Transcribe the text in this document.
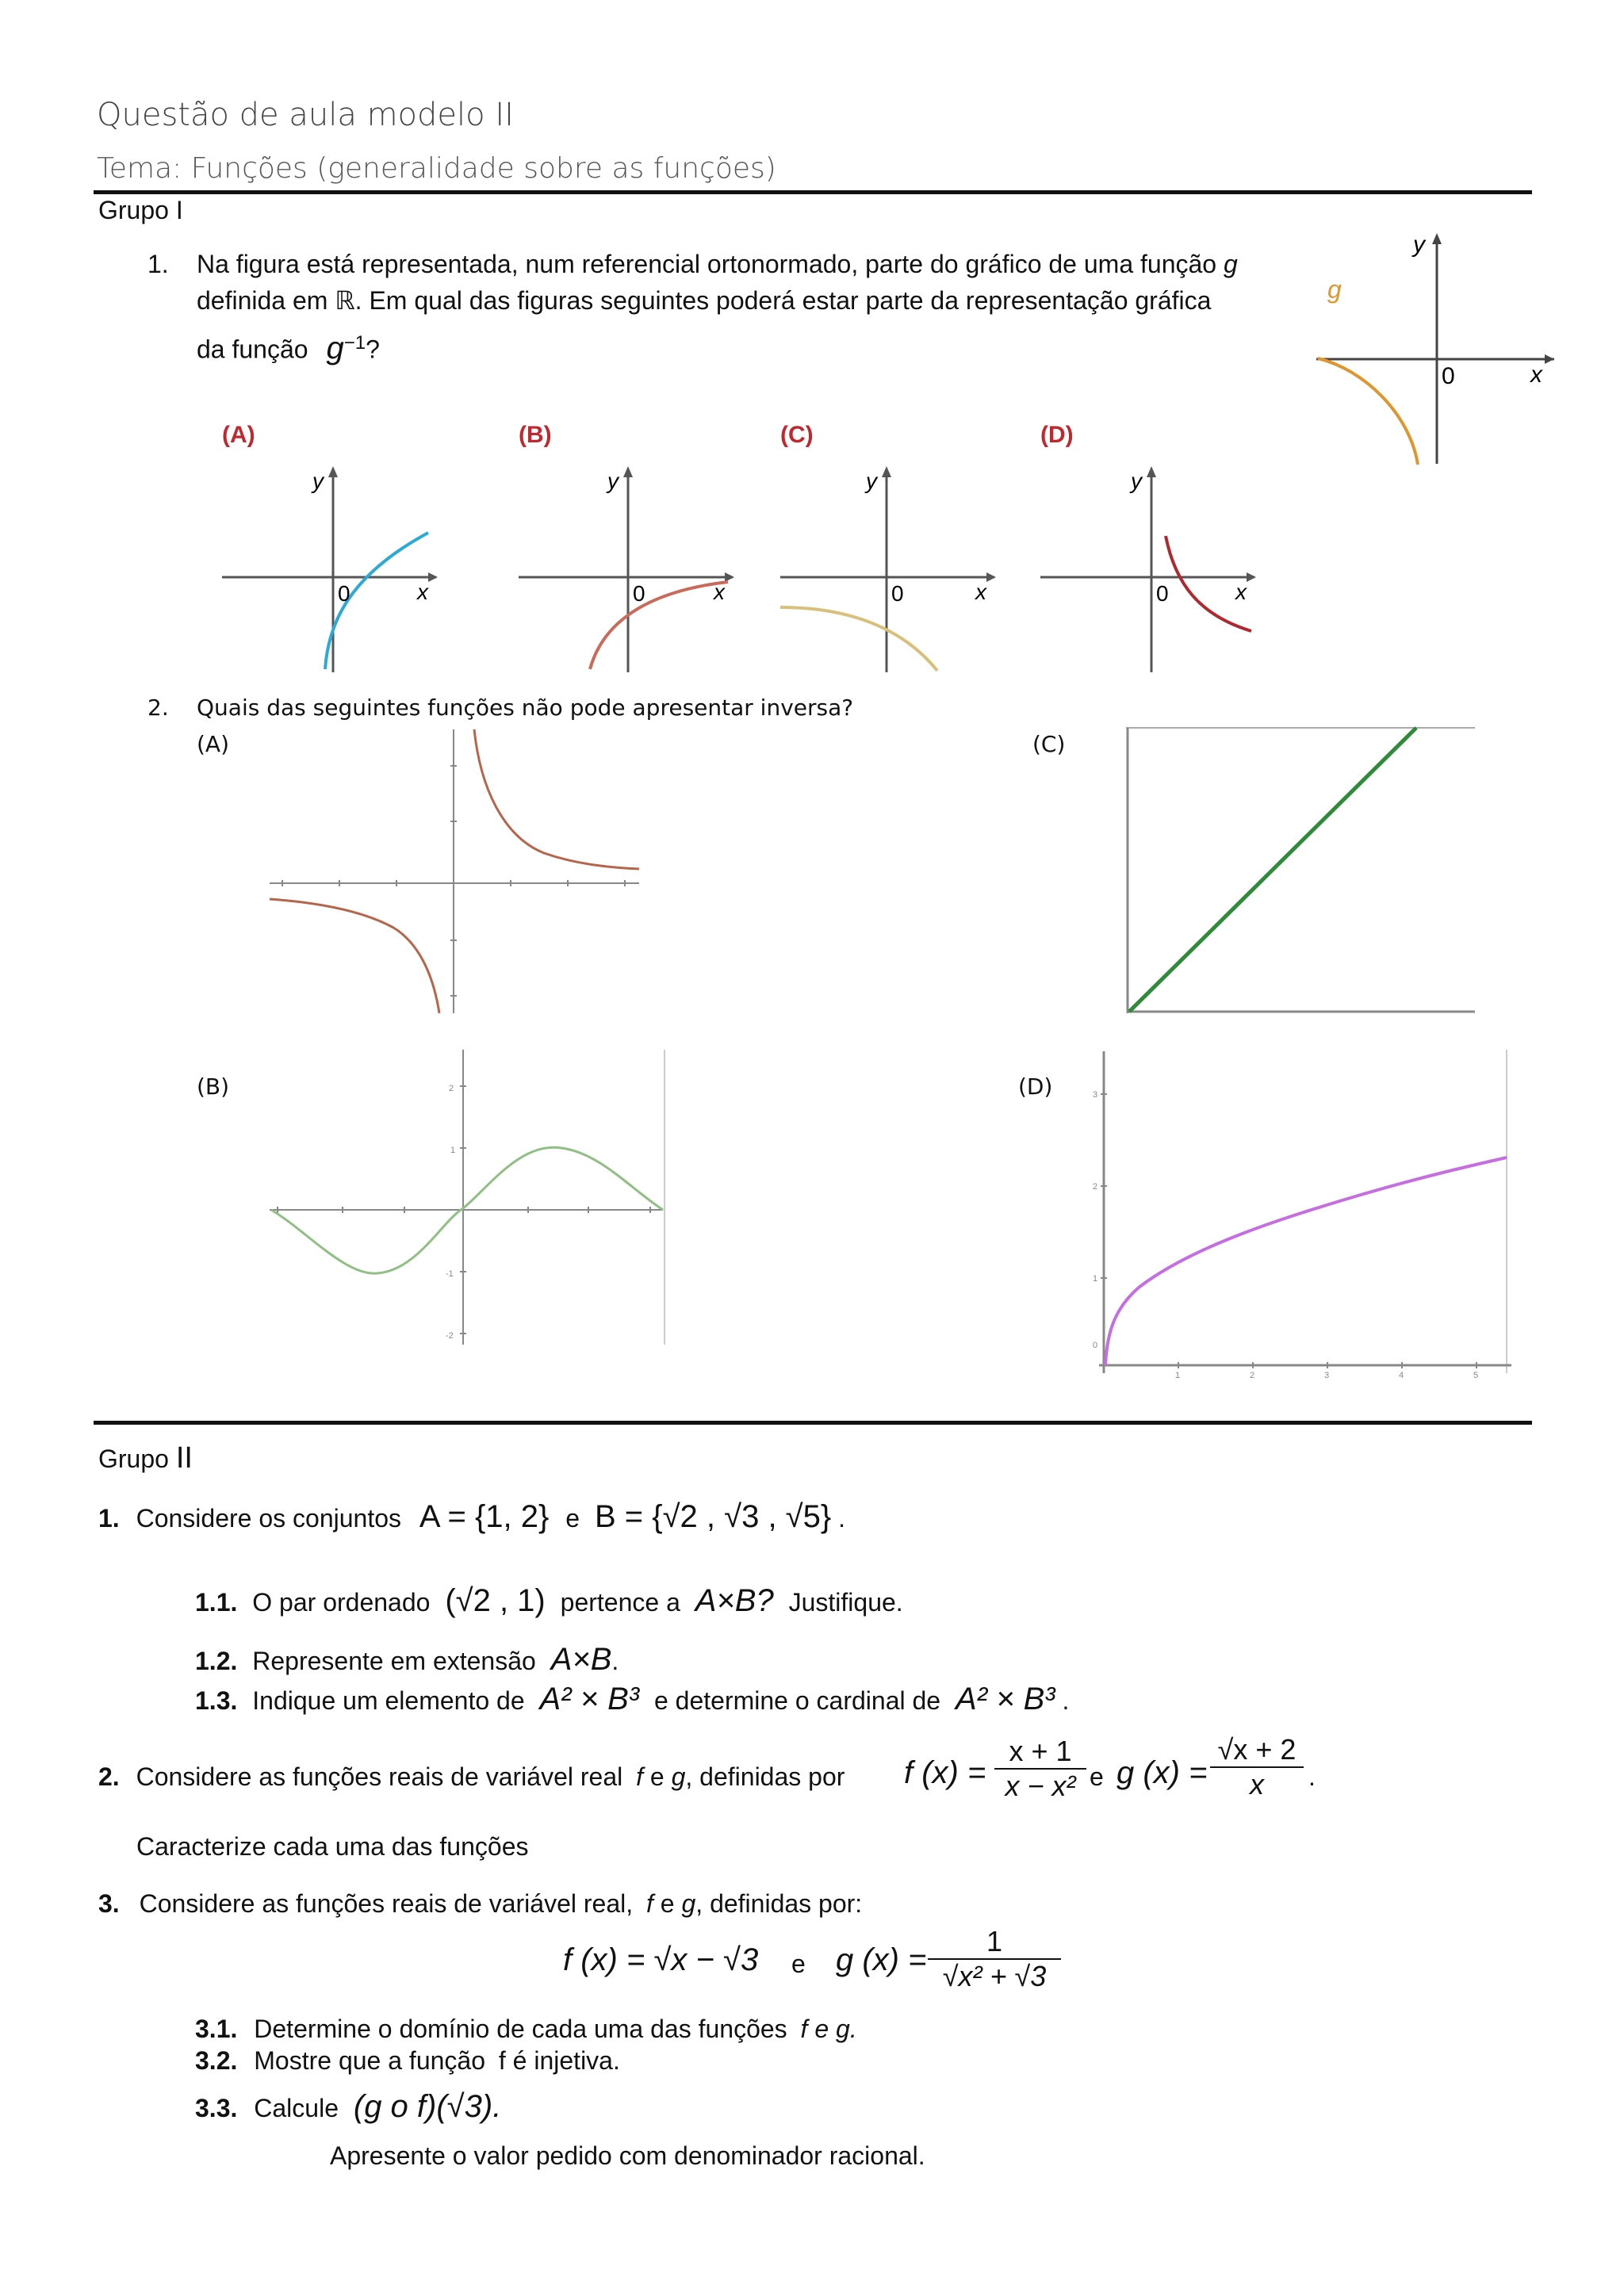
Questão de aula modelo II
Tema: Funções (generalidade sobre as funções)
Grupo I
1. Na figura está representada, num referencial ortonormado, parte do gráfico de uma função g
definida em ℝ. Em qual das figuras seguintes poderá estar parte da representação gráfica
da função $g^{-1}$?
y
x
0
g
(A)
y
x
0
(B)
y
x
0
(C)
y
x
0
(D)
y
x
0
2. Quais das seguintes funções não pode apresentar inversa?
(A)	(C)
(B)	(D)
2
1
-1
-2
3
2
1
0
1	2	3	4	5
Grupo II
1. Considere os conjuntos A = {1, 2} e B = {√2 , √3 , √5} .
1.1. O par ordenado (√2 , 1) pertence a A×B? Justifique.
1.2. Represente em extensão A×B.
1.3. Indique um elemento de A² × B³ e determine o cardinal de A² × B³ .
2. Considere as funções reais de variável real f e g, definidas por f (x) =
x + 1
x − x² e g (x) =
√x + 2
x	.
Caracterize cada uma das funções
3. Considere as funções reais de variável real, f e g, definidas por:
f (x) = √x − √3 e g (x) =
1
√x² + √3
3.1. Determine o domínio de cada uma das funções f e g.
3.2. Mostre que a função f é injetiva.
3.3. Calcule (g o f)(√3).
Apresente o valor pedido com denominador racional.
